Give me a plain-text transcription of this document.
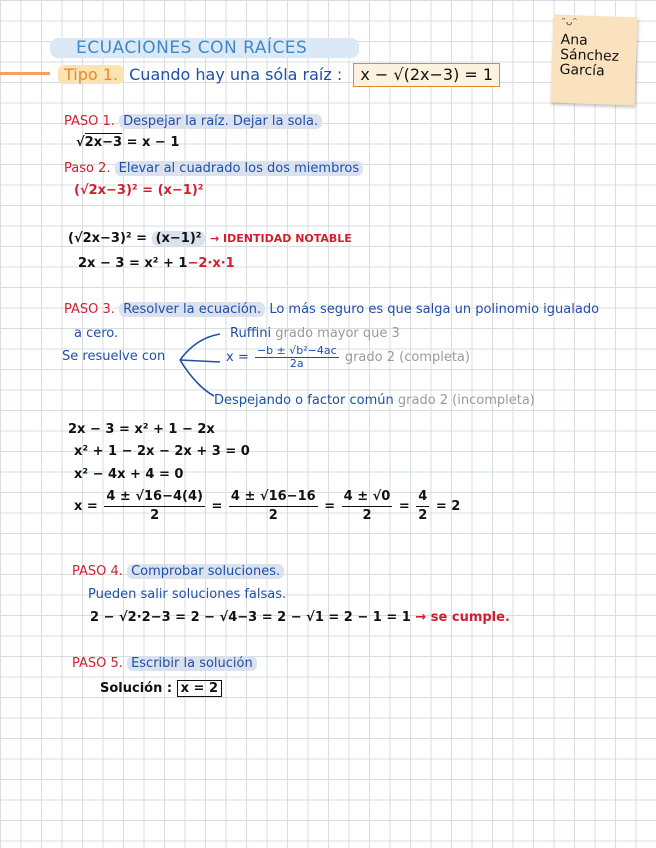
ECUACIONES CON RAÍCES
Tipo 1. Cuando hay una sóla raíz : x − √(2x−3) = 1
ᵔᴗᵔ
Ana
Sánchez
García
PASO 1. Despejar la raíz. Dejar la sola.
√2x−3 = x − 1
Paso 2. Elevar al cuadrado los dos miembros
(√2x−3)² = (x−1)²
(√2x−3)² = (x−1)² → IDENTIDAD NOTABLE
2x − 3 = x² + 1−2·x·1
PASO 3. Resolver la ecuación. Lo más seguro es que salga un polinomio igualado
a cero.
Se resuelve con
Ruffini grado mayor que 3
$x = \frac{\text{−b ± √b²−4ac}}{2a}$ grado 2 (completa)
Despejando o factor común grado 2 (incompleta)
2x − 3 = x² + 1 − 2x
x² + 1 − 2x − 2x + 3 = 0
x² − 4x + 4 = 0
$x = \frac{4 \pm √16-4(4)}{2} = \frac{4 \pm √16-16}{2} = \frac{4 \pm √0}{2} = \frac{4}{2} = 2$
PASO 4. Comprobar soluciones.
Pueden salir soluciones falsas.
2 − √2·2−3 = 2 − √4−3 = 2 − √1 = 2 − 1 = 1 → se cumple.
PASO 5. Escribir la solución
Solución : x = 2
